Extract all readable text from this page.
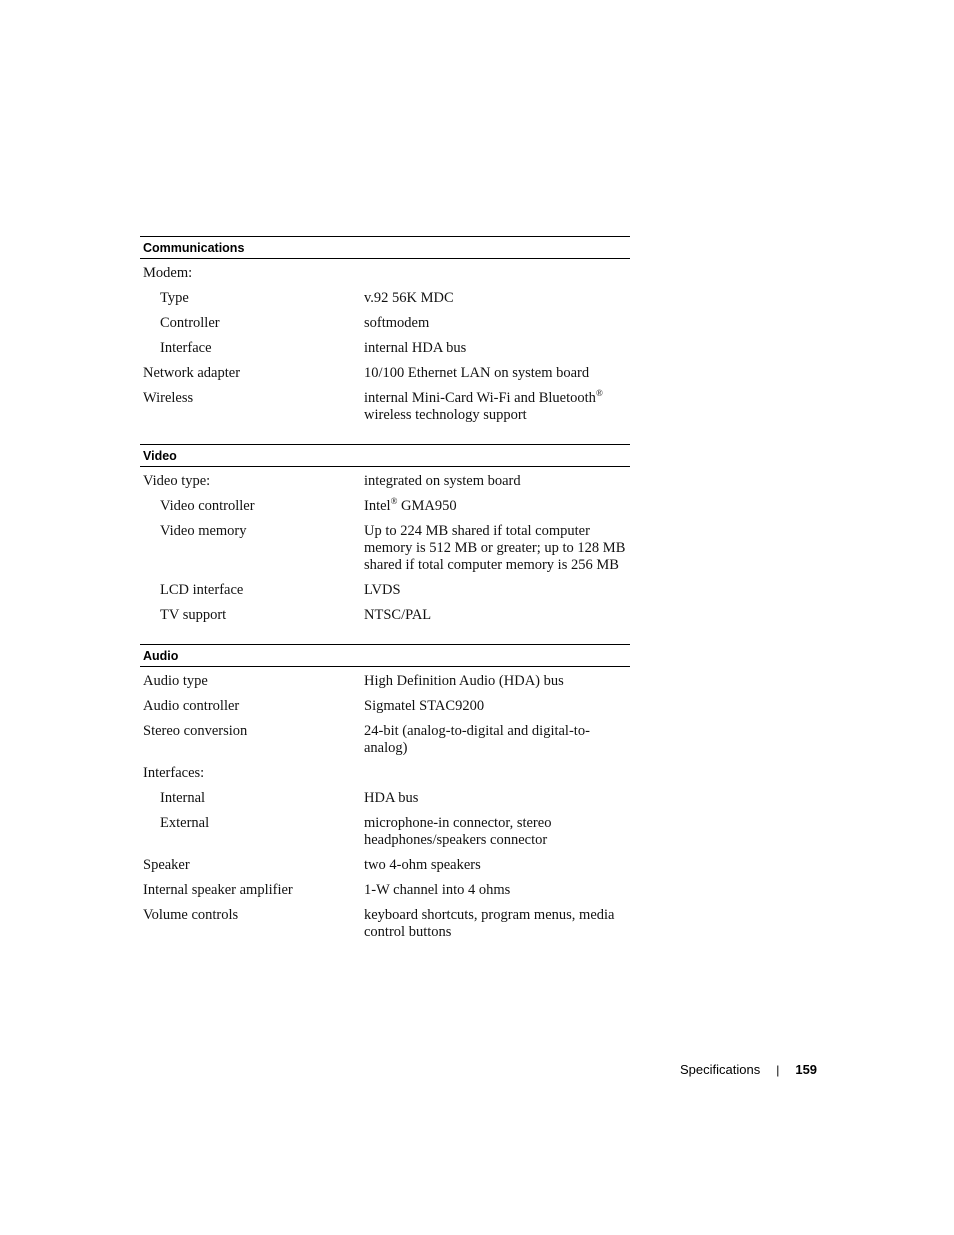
Communications
Modem:
Type	v.92 56K MDC
Controller	softmodem
Interface	internal HDA bus
Network adapter	10/100 Ethernet LAN on system board
Wireless	internal Mini-Card Wi-Fi and Bluetooth®
wireless technology support
Video
Video type:	integrated on system board
Video controller	Intel® GMA950
Video memory	Up to 224 MB shared if total computer memory is 512 MB or greater; up to 128 MB shared if total computer memory is 256 MB
LCD interface	LVDS
TV support	NTSC/PAL
Audio
Audio type	High Definition Audio (HDA) bus
Audio controller	Sigmatel STAC9200
Stereo conversion	24-bit (analog-to-digital and digital-to-analog)
Interfaces:
Internal	HDA bus
External	microphone-in connector, stereo headphones/speakers connector
Speaker	two 4-ohm speakers
Internal speaker amplifier	1-W channel into 4 ohms
Volume controls	keyboard shortcuts, program menus, media control buttons
Specifications | 159
